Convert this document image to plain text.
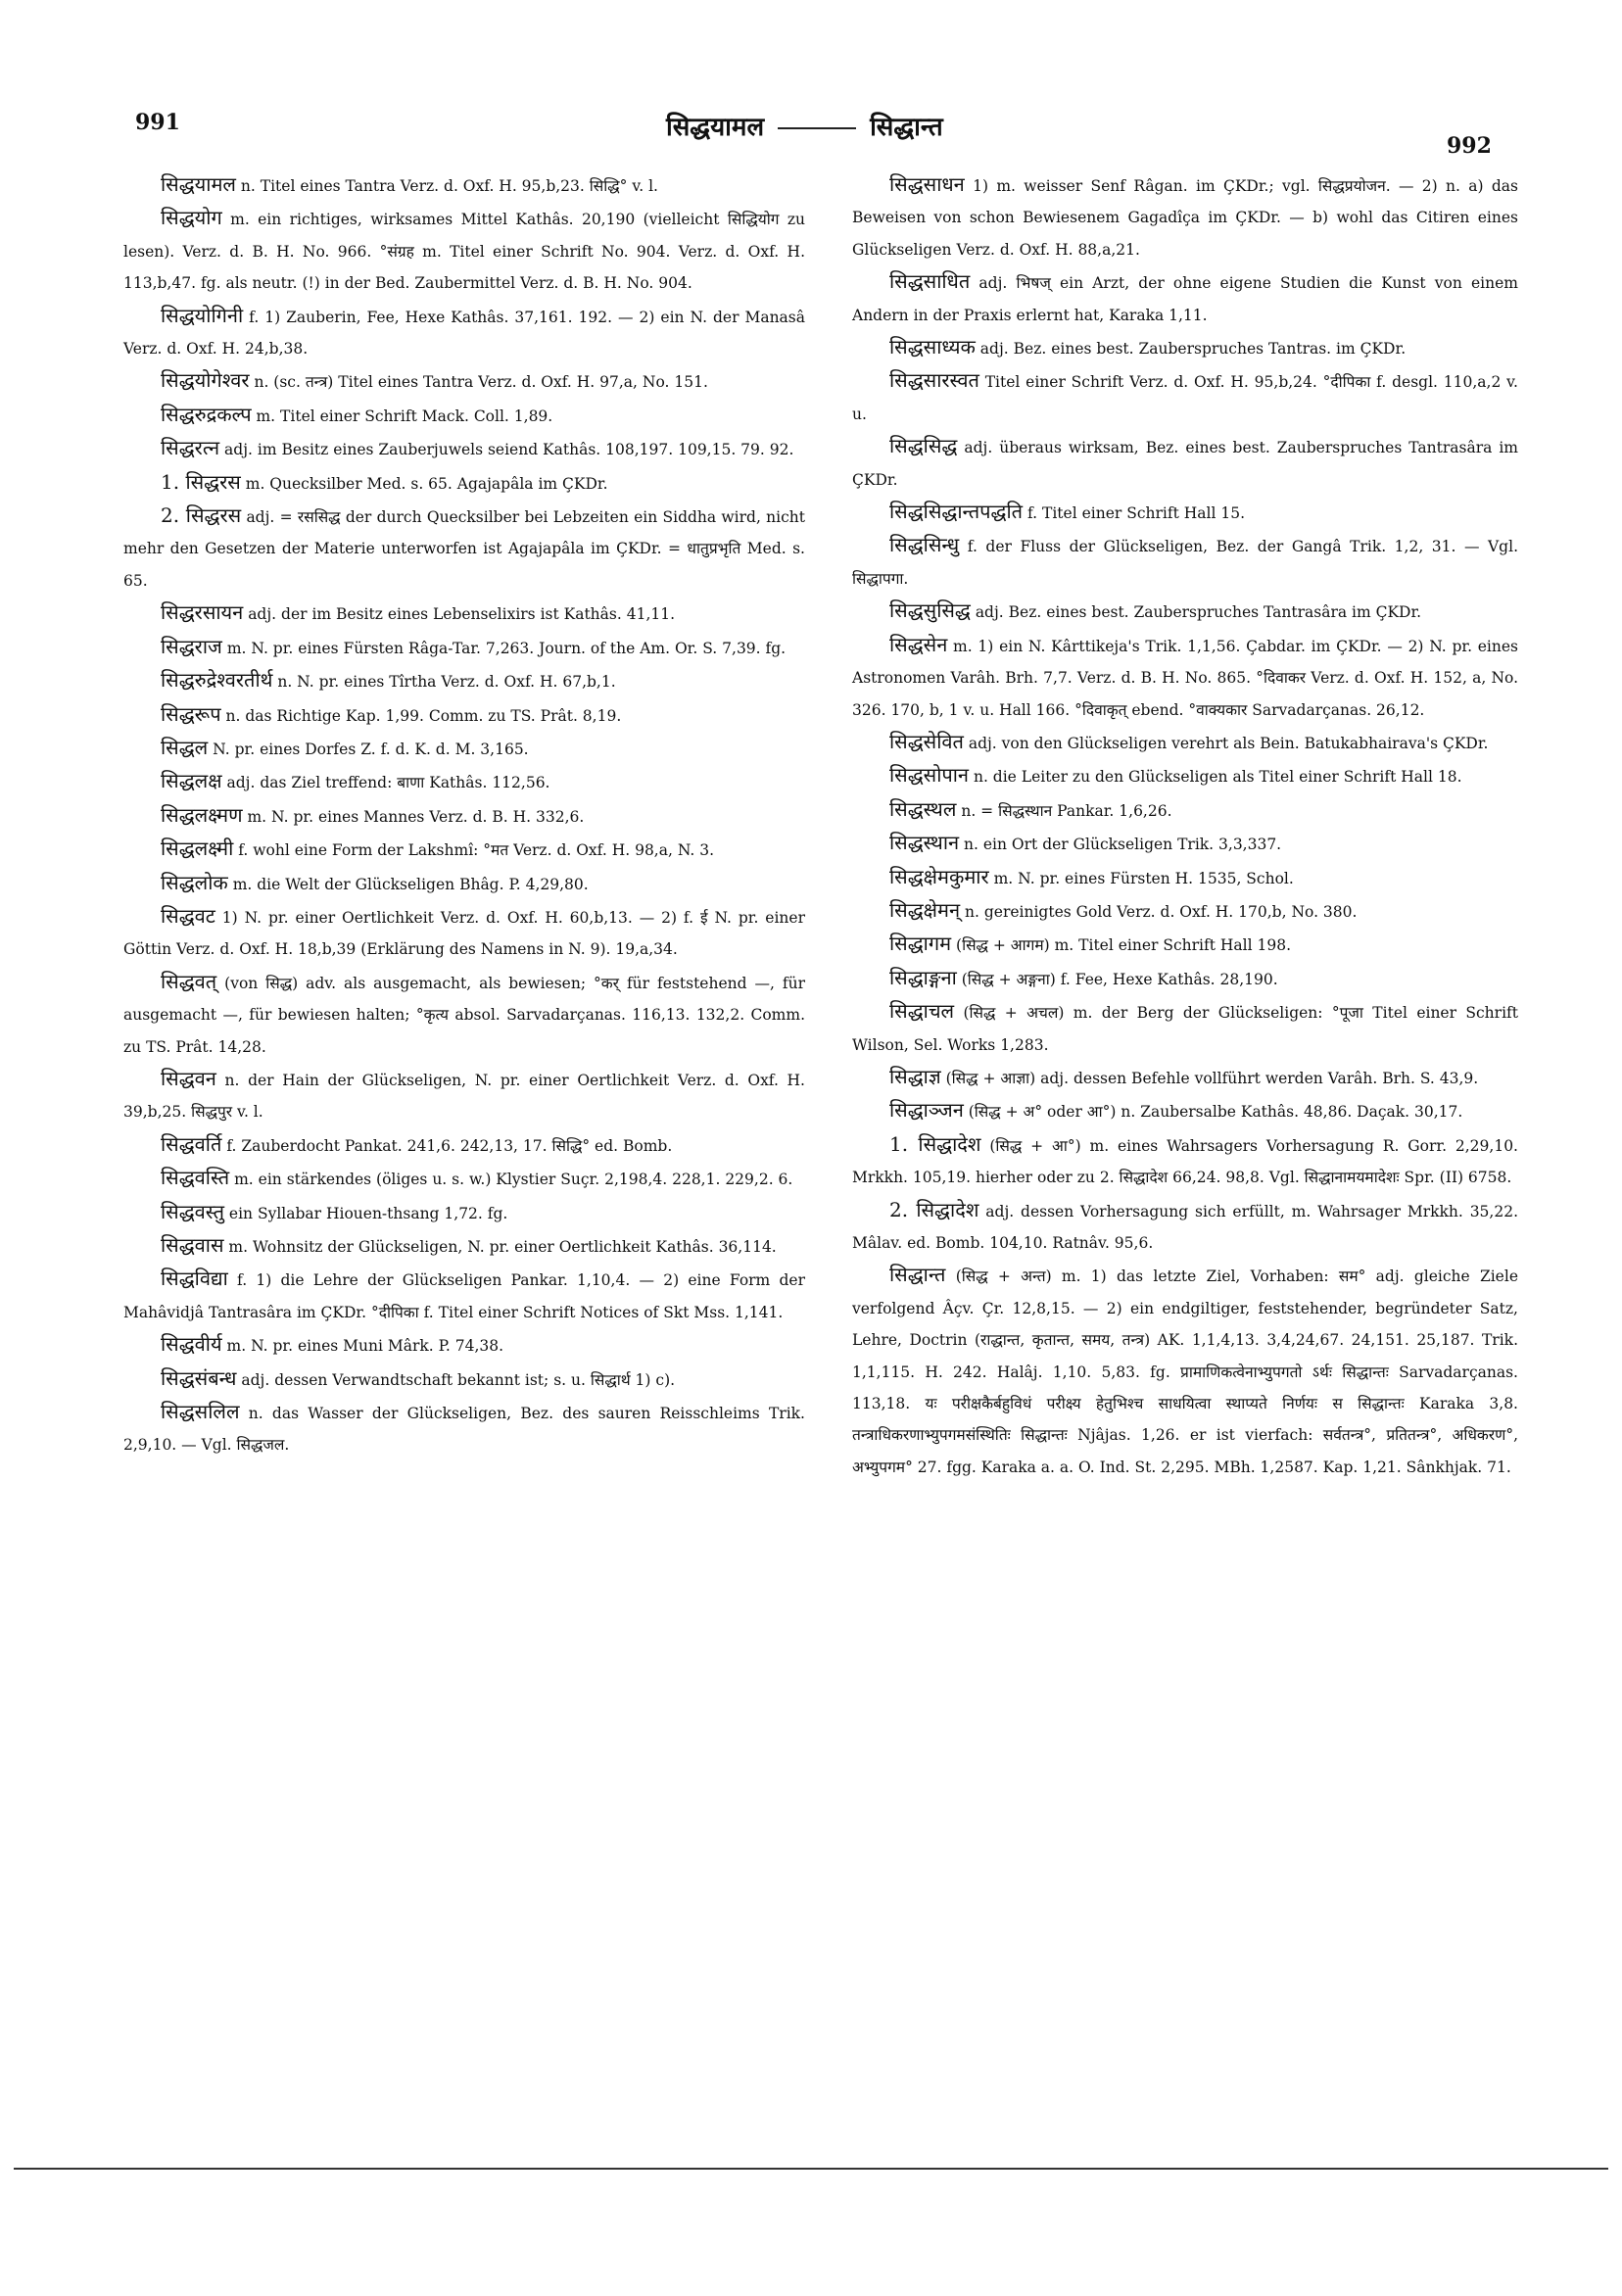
991	सिद्धयामल	सिद्धान्त
992

सिद्धयामल n. Titel eines Tantra Verz. d. Oxf. H. 95,b,23. सिद्धि° v. l.

सिद्धयोग m. ein richtiges, wirksames Mittel Kathâs. 20,190 (vielleicht सिद्धियोग zu lesen). Verz. d. B. H. No. 966. °संग्रह m. Titel einer Schrift No. 904. Verz. d. Oxf. H. 113,b,47. fg. als neutr. (!) in der Bed. Zaubermittel Verz. d. B. H. No. 904.

सिद्धयोगिनी f. 1) Zauberin, Fee, Hexe Kathâs. 37,161. 192. — 2) ein N. der Manasâ Verz. d. Oxf. H. 24,b,38.

सिद्धयोगेश्वर n. (sc. तन्त्र) Titel eines Tantra Verz. d. Oxf. H. 97,a, No. 151.

सिद्धरुद्रकल्प m. Titel einer Schrift Mack. Coll. 1,89.

सिद्धरत्न adj. im Besitz eines Zauberjuwels seiend Kathâs. 108,197. 109,15. 79. 92.

1. सिद्धरस m. Quecksilber Med. s. 65. Agajapâla im ÇKDr.

2. सिद्धरस adj. = रससिद्ध der durch Quecksilber bei Lebzeiten ein Siddha wird, nicht mehr den Gesetzen der Materie unterworfen ist Agajapâla im ÇKDr. = धातुप्रभृति Med. s. 65.

सिद्धरसायन adj. der im Besitz eines Lebenselixirs ist Kathâs. 41,11.

सिद्धराज m. N. pr. eines Fürsten Râga-Tar. 7,263. Journ. of the Am. Or. S. 7,39. fg.

सिद्धरुद्रेश्वरतीर्थ n. N. pr. eines Tîrtha Verz. d. Oxf. H. 67,b,1.

सिद्धरूप n. das Richtige Kap. 1,99. Comm. zu TS. Prât. 8,19.

सिद्धल N. pr. eines Dorfes Z. f. d. K. d. M. 3,165.

सिद्धलक्ष adj. das Ziel treffend: बाणा Kathâs. 112,56.

सिद्धलक्ष्मण m. N. pr. eines Mannes Verz. d. B. H. 332,6.

सिद्धलक्ष्मी f. wohl eine Form der Lakshmî: °मत Verz. d. Oxf. H. 98,a, N. 3.

सिद्धलोक m. die Welt der Glückseligen Bhâg. P. 4,29,80.

सिद्धवट 1) N. pr. einer Oertlichkeit Verz. d. Oxf. H. 60,b,13. — 2) f. ई N. pr. einer Göttin Verz. d. Oxf. H. 18,b,39 (Erklärung des Namens in N. 9). 19,a,34.

सिद्धवत् (von सिद्ध) adv. als ausgemacht, als bewiesen; °कर् für feststehend —, für ausgemacht —, für bewiesen halten; °कृत्य absol. Sarvadarçanas. 116,13. 132,2. Comm. zu TS. Prât. 14,28.

सिद्धवन n. der Hain der Glückseligen, N. pr. einer Oertlichkeit Verz. d. Oxf. H. 39,b,25. सिद्धपुर v. l.

सिद्धवर्ति f. Zauberdocht Pankat. 241,6. 242,13, 17. सिद्धि° ed. Bomb.

सिद्धवस्ति m. ein stärkendes (öliges u. s. w.) Klystier Suçr. 2,198,4. 228,1. 229,2. 6.

सिद्धवस्तु ein Syllabar Hiouen-thsang 1,72. fg.

सिद्धवास m. Wohnsitz der Glückseligen, N. pr. einer Oertlichkeit Kathâs. 36,114.

सिद्धविद्या f. 1) die Lehre der Glückseligen Pankar. 1,10,4. — 2) eine Form der Mahâvidjâ Tantrasâra im ÇKDr. °दीपिका f. Titel einer Schrift Notices of Skt Mss. 1,141.

सिद्धवीर्य m. N. pr. eines Muni Mârk. P. 74,38.

सिद्धसंबन्ध adj. dessen Verwandtschaft bekannt ist; s. u. सिद्धार्थ 1) c).

सिद्धसलिल n. das Wasser der Glückseligen, Bez. des sauren Reisschleims Trik. 2,9,10. — Vgl. सिद्धजल.

सिद्धसाधन 1) m. weisser Senf Râgan. im ÇKDr.; vgl. सिद्धप्रयोजन. — 2) n. a) das Beweisen von schon Bewiesenem Gagadîça im ÇKDr. — b) wohl das Citiren eines Glückseligen Verz. d. Oxf. H. 88,a,21.

सिद्धसाधित adj. भिषज् ein Arzt, der ohne eigene Studien die Kunst von einem Andern in der Praxis erlernt hat, Karaka 1,11.

सिद्धसाध्यक adj. Bez. eines best. Zauberspruches Tantras. im ÇKDr.

सिद्धसारस्वत Titel einer Schrift Verz. d. Oxf. H. 95,b,24. °दीपिका f. desgl. 110,a,2 v. u.

सिद्धसिद्ध adj. überaus wirksam, Bez. eines best. Zauberspruches Tantrasâra im ÇKDr.

सिद्धसिद्धान्तपद्धति f. Titel einer Schrift Hall 15.

सिद्धसिन्धु f. der Fluss der Glückseligen, Bez. der Gangâ Trik. 1,2, 31. — Vgl. सिद्धापगा.

सिद्धसुसिद्ध adj. Bez. eines best. Zauberspruches Tantrasâra im ÇKDr.

सिद्धसेन m. 1) ein N. Kârttikeja's Trik. 1,1,56. Çabdar. im ÇKDr. — 2) N. pr. eines Astronomen Varâh. Brh. 7,7. Verz. d. B. H. No. 865. °दिवाकर Verz. d. Oxf. H. 152, a, No. 326. 170, b, 1 v. u. Hall 166. °दिवाकृत् ebend. °वाक्यकार Sarvadarçanas. 26,12.

सिद्धसेवित adj. von den Glückseligen verehrt als Bein. Batukabhairava's ÇKDr.

सिद्धसोपान n. die Leiter zu den Glückseligen als Titel einer Schrift Hall 18.

सिद्धस्थल n. = सिद्धस्थान Pankar. 1,6,26.

सिद्धस्थान n. ein Ort der Glückseligen Trik. 3,3,337.

सिद्धक्षेमकुमार m. N. pr. eines Fürsten H. 1535, Schol.

सिद्धक्षेमन् n. gereinigtes Gold Verz. d. Oxf. H. 170,b, No. 380.

सिद्धागम (सिद्ध + आगम) m. Titel einer Schrift Hall 198.

सिद्धाङ्गना (सिद्ध + अङ्गना) f. Fee, Hexe Kathâs. 28,190.

सिद्धाचल (सिद्ध + अचल) m. der Berg der Glückseligen: °पूजा Titel einer Schrift Wilson, Sel. Works 1,283.

सिद्धाज्ञ (सिद्ध + आज्ञा) adj. dessen Befehle vollführt werden Varâh. Brh. S. 43,9.

सिद्धाञ्जन (सिद्ध + अ° oder आ°) n. Zaubersalbe Kathâs. 48,86. Daçak. 30,17.

1. सिद्धादेश (सिद्ध + आ°) m. eines Wahrsagers Vorhersagung R. Gorr. 2,29,10. Mrkkh. 105,19. hierher oder zu 2. सिद्धादेश 66,24. 98,8. Vgl. सिद्धानामयमादेशः Spr. (II) 6758.

2. सिद्धादेश adj. dessen Vorhersagung sich erfüllt, m. Wahrsager Mrkkh. 35,22. Mâlav. ed. Bomb. 104,10. Ratnâv. 95,6.

सिद्धान्त (सिद्ध + अन्त) m. 1) das letzte Ziel, Vorhaben: सम° adj. gleiche Ziele verfolgend Âçv. Çr. 12,8,15. — 2) ein endgiltiger, feststehender, begründeter Satz, Lehre, Doctrin (राद्धान्त, कृतान्त, समय, तन्त्र) AK. 1,1,4,13. 3,4,24,67. 24,151. 25,187. Trik. 1,1,115. H. 242. Halâj. 1,10. 5,83. fg. प्रामाणिकत्वेनाभ्युपगतो ऽर्थः सिद्धान्तः Sarvadarçanas. 113,18. यः परीक्षकैर्बहुविधं परीक्ष्य हेतुभिश्च साधयित्वा स्थाप्यते निर्णयः स सिद्धान्तः Karaka 3,8. तन्त्राधिकरणाभ्युपगमसंस्थितिः सिद्धान्तः Njâjas. 1,26. er ist vierfach: सर्वतन्त्र°, प्रतितन्त्र°, अधिकरण°, अभ्युपगम° 27. fgg. Karaka a. a. O. Ind. St. 2,295. MBh. 1,2587. Kap. 1,21. Sânkhjak. 71.
